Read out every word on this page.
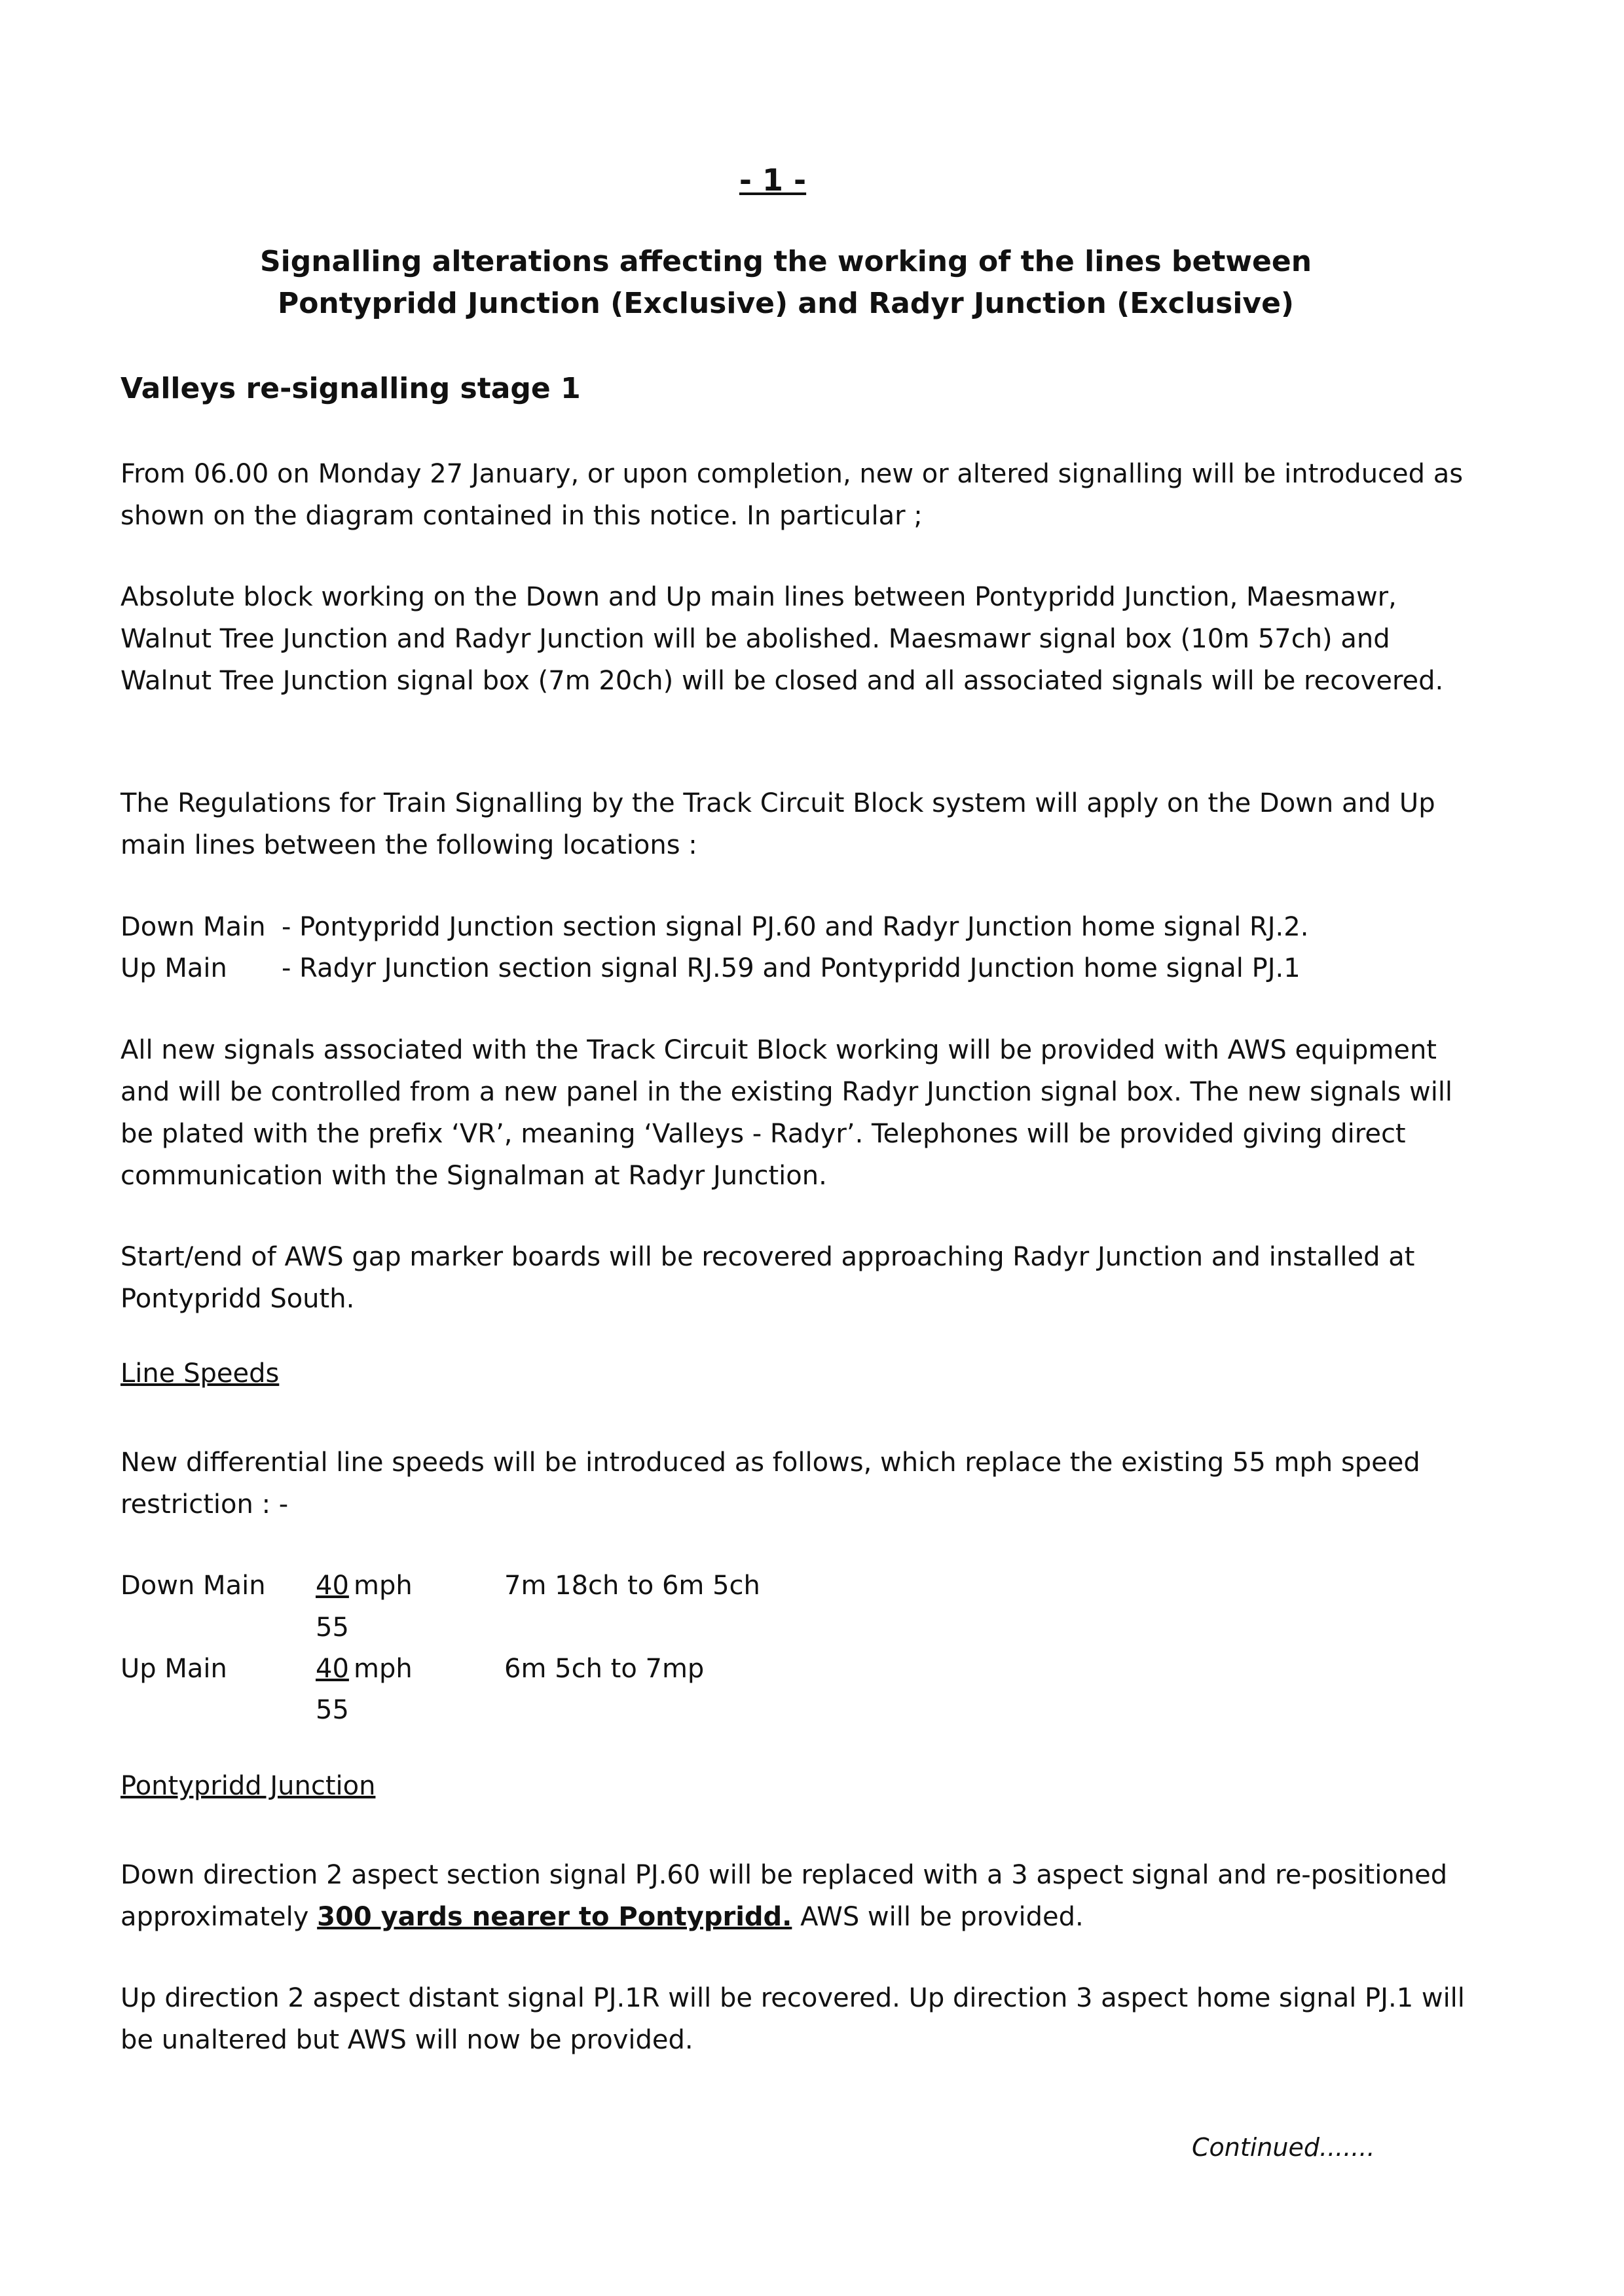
- 1 -
Signalling alterations affecting the working of the lines between
Pontypridd Junction (Exclusive) and Radyr Junction (Exclusive)
Valleys re-signalling stage 1
From 06.00 on Monday 27 January, or upon completion, new or altered signalling will be introduced as shown on the diagram contained in this notice. In particular ;
Absolute block working on the Down and Up main lines between Pontypridd Junction, Maesmawr, Walnut Tree Junction and Radyr Junction will be abolished. Maesmawr signal box (10m 57ch) and Walnut Tree Junction signal box (7m 20ch) will be closed and all associated signals will be recovered.
The Regulations for Train Signalling by the Track Circuit Block system will apply on the Down and Up main lines between the following locations :
Down Main - Pontypridd Junction section signal PJ.60 and Radyr Junction home signal RJ.2.
Up Main - Radyr Junction section signal RJ.59 and Pontypridd Junction home signal PJ.1
All new signals associated with the Track Circuit Block working will be provided with AWS equipment and will be controlled from a new panel in the existing Radyr Junction signal box. The new signals will be plated with the prefix ‘VR’, meaning ‘Valleys - Radyr’. Telephones will be provided giving direct communication with the Signalman at Radyr Junction.
Start/end of AWS gap marker boards will be recovered approaching Radyr Junction and installed at Pontypridd South.
Line Speeds
New differential line speeds will be introduced as follows, which replace the existing 55 mph speed restriction : -
Down Main 40 mph	7m 18ch to 6m 5ch
55
Up Main	40 mph	6m 5ch to 7mp
55
Pontypridd Junction
Down direction 2 aspect section signal PJ.60 will be replaced with a 3 aspect signal and re-positioned approximately 300 yards nearer to Pontypridd. AWS will be provided.
Up direction 2 aspect distant signal PJ.1R will be recovered. Up direction 3 aspect home signal PJ.1 will be unaltered but AWS will now be provided.
Continued.......
